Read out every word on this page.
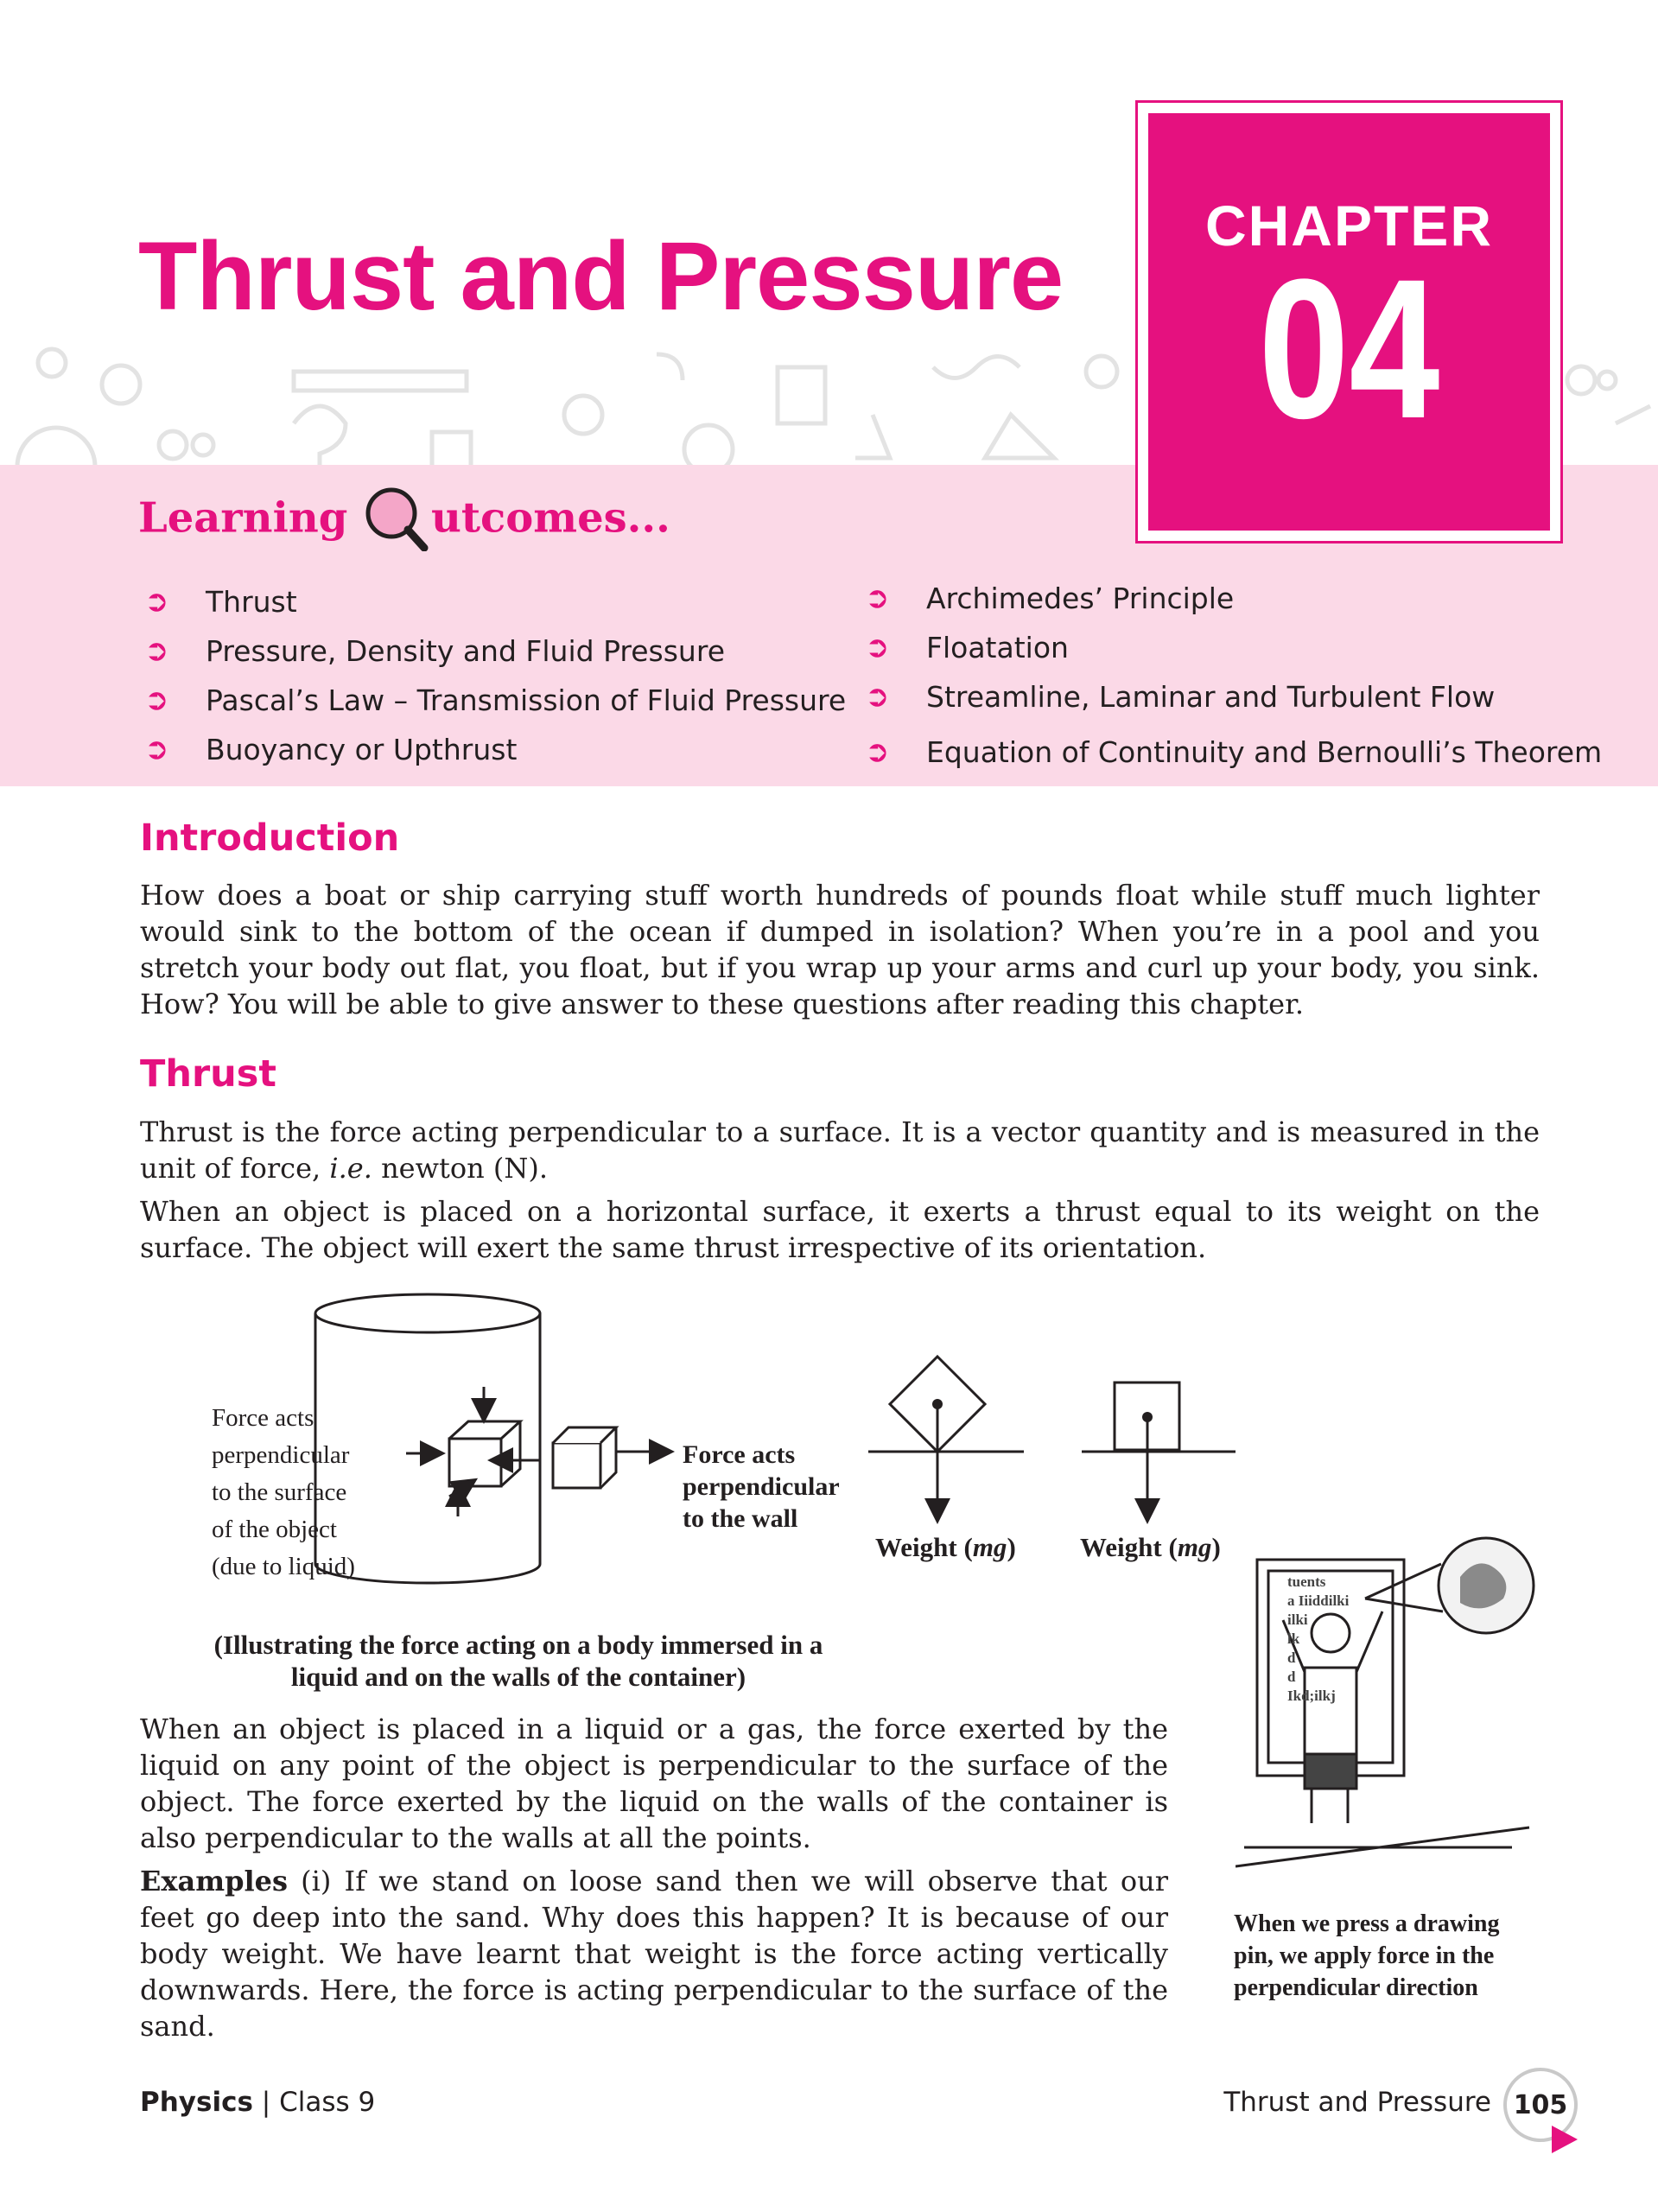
Thrust and Pressure	CHAPTER
04
Learning
utcomes...
➲ Thrust
➲ Pressure, Density and Fluid Pressure
➲ Pascal’s Law – Transmission of Fluid Pressure
➲ Buoyancy or Upthrust
➲ Archimedes’ Principle
➲ Floatation
➲ Streamline, Laminar and Turbulent Flow
➲ Equation of Continuity and Bernoulli’s Theorem
Introduction

How does a boat or ship carrying stuff worth hundreds of pounds float while stuff much lighter would sink to the bottom of the ocean if dumped in isolation? When you’re in a pool and you stretch your body out flat, you float, but if you wrap up your arms and curl up your body, you sink. How? You will be able to give answer to these questions after reading this chapter.

Thrust

Thrust is the force acting perpendicular to a surface. It is a vector quantity and is measured in the unit of force, i.e. newton (N).

When an object is placed on a horizontal surface, it exerts a thrust equal to its weight on the surface. The object will exert the same thrust irrespective of its orientation.

Force acts
perpendicular
to the surface
of the object
(due to liquid)
Force acts
perpendicular
to the wall
Weight (mg) Weight (mg)
(Illustrating the force acting on a body immersed in a
liquid and on the walls of the container)

When an object is placed in a liquid or a gas, the force exerted by the liquid on any point of the object is perpendicular to the surface of the object. The force exerted by the liquid on the walls of the container is also perpendicular to the walls at all the points.

Examples (i) If we stand on loose sand then we will observe that our feet go deep into the sand. Why does this happen? It is because of our body weight. We have learnt that weight is the force acting vertically downwards. Here, the force is acting perpendicular to the surface of the sand.

tuents
a Iiiddilki
ilki
lk
d
d
Ikd;ilkj
When we press a drawing
pin, we apply force in the
perpendicular direction
Physics | Class 9	Thrust and Pressure 105
